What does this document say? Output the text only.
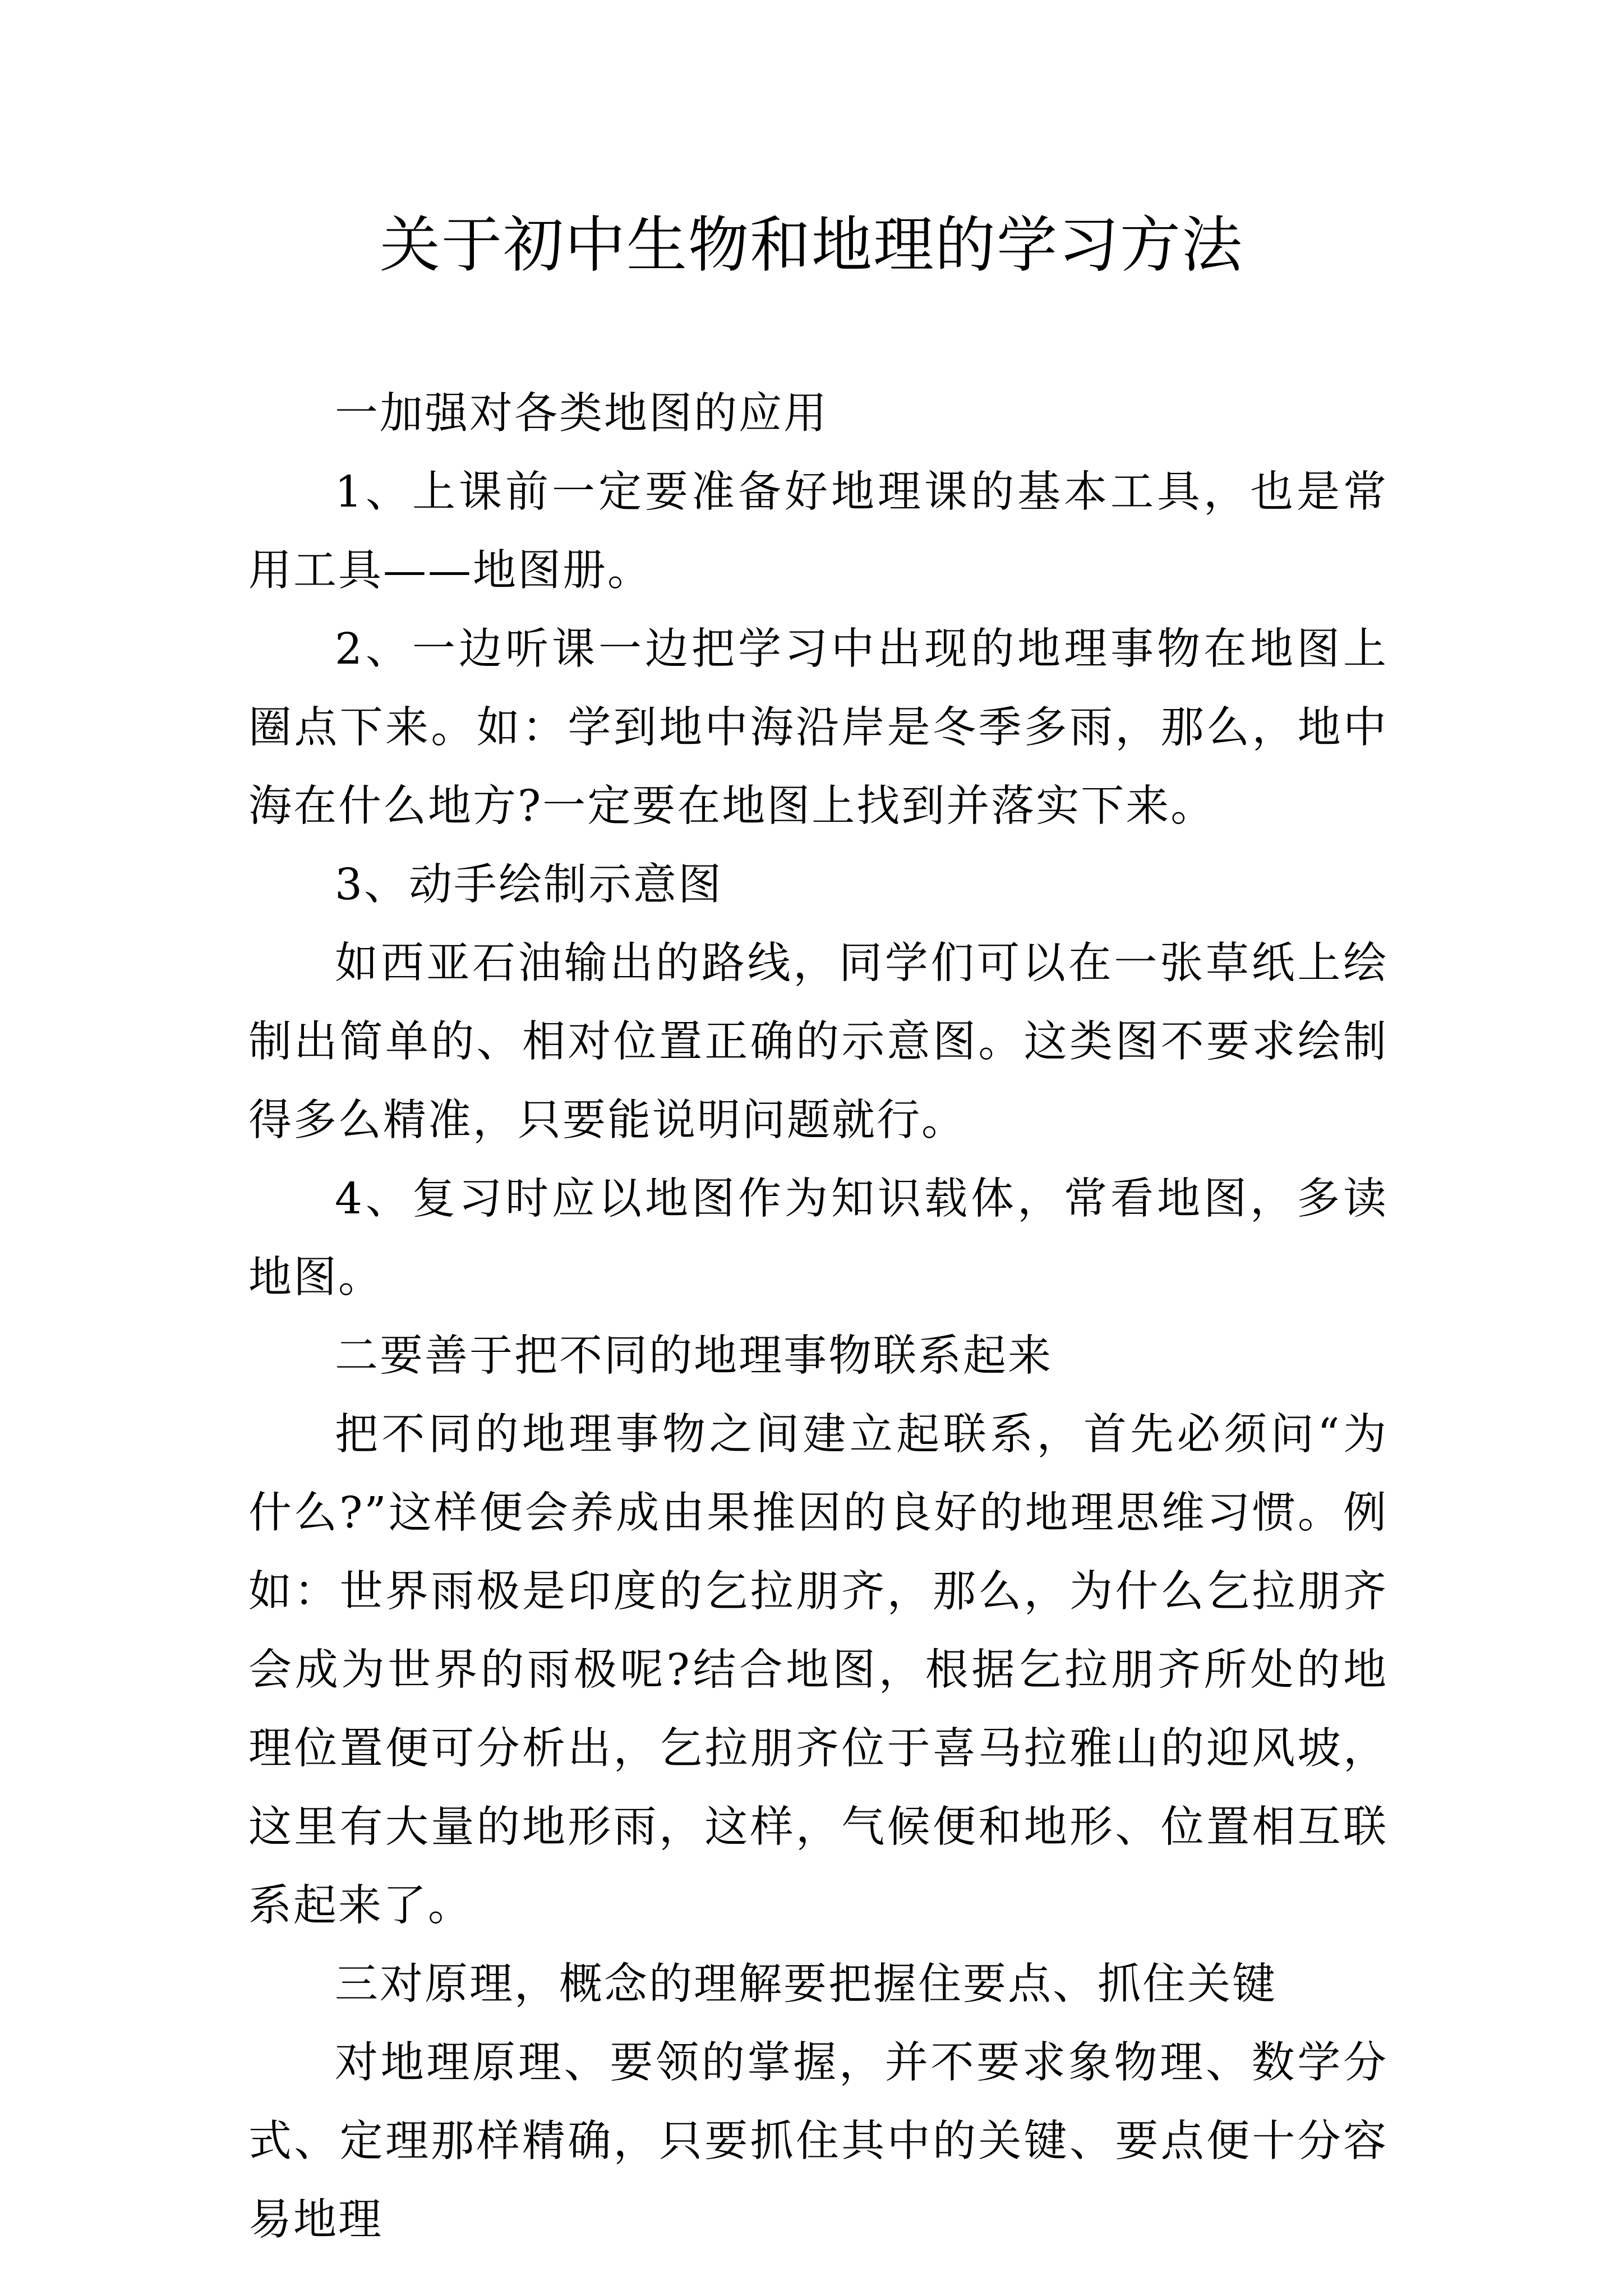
关于初中生物和地理的学习方法

一加强对各类地图的应用

1、上课前一定要准备好地理课的基本工具，也是常用工具——地图册。

2、一边听课一边把学习中出现的地理事物在地图上圈点下来。如：学到地中海沿岸是冬季多雨，那么，地中海在什么地方?一定要在地图上找到并落实下来。

3、动手绘制示意图

如西亚石油输出的路线，同学们可以在一张草纸上绘制出简单的、相对位置正确的示意图。这类图不要求绘制得多么精准，只要能说明问题就行。

4、复习时应以地图作为知识载体，常看地图，多读地图。

二要善于把不同的地理事物联系起来

把不同的地理事物之间建立起联系，首先必须问“为什么?”这样便会养成由果推因的良好的地理思维习惯。例如：世界雨极是印度的乞拉朋齐，那么，为什么乞拉朋齐会成为世界的雨极呢?结合地图，根据乞拉朋齐所处的地理位置便可分析出，乞拉朋齐位于喜马拉雅山的迎风坡，这里有大量的地形雨，这样，气候便和地形、位置相互联系起来了。

三对原理，概念的理解要把握住要点、抓住关键

对地理原理、要领的掌握，并不要求象物理、数学分式、定理那样精确，只要抓住其中的关键、要点便十分容易地理
